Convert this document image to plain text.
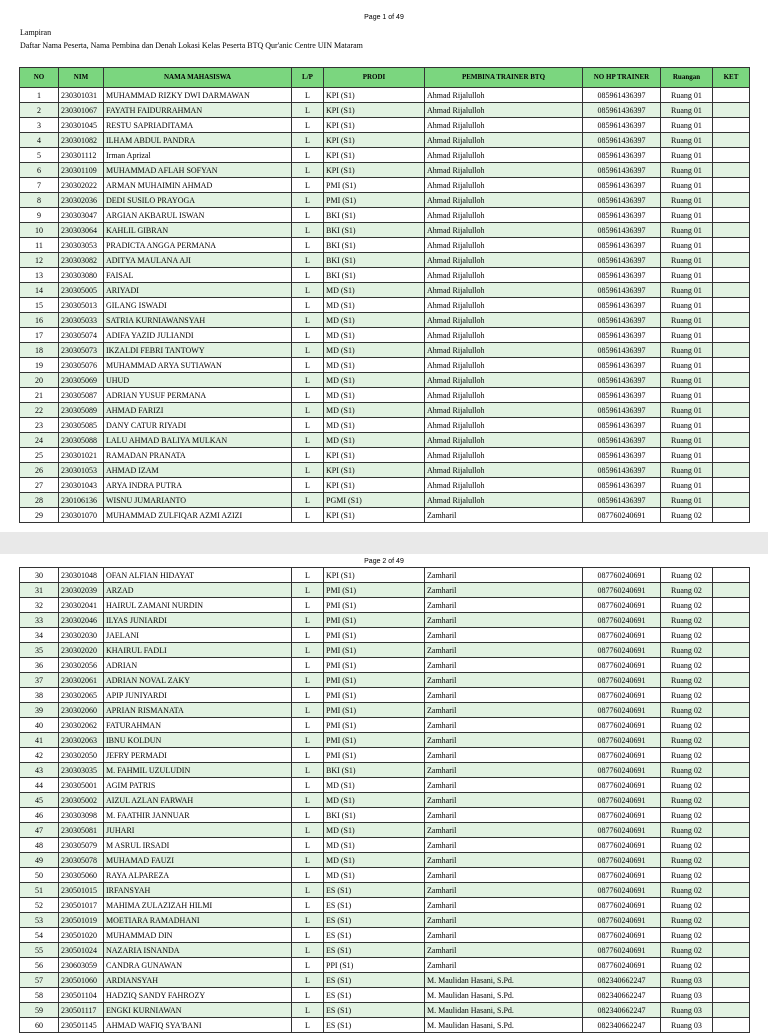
Page 1 of 49
Lampiran
Daftar Nama Peserta, Nama Pembina dan Denah Lokasi Kelas Peserta BTQ Qur'anic Centre UIN Mataram
NO	NIM	NAMA MAHASISWA	L/P	PRODI	PEMBINA TRAINER BTQ	NO HP TRAINER	Ruangan	KET
1	230301031	MUHAMMAD RIZKY DWI DARMAWAN	L	KPI (S1)	Ahmad Rijalulloh	085961436397	Ruang 01	
2	230301067	FAYATH FAIDURRAHMAN	L	KPI (S1)	Ahmad Rijalulloh	085961436397	Ruang 01	
3	230301045	RESTU SAPRIADITAMA	L	KPI (S1)	Ahmad Rijalulloh	085961436397	Ruang 01	
4	230301082	ILHAM ABDUL PANDRA	L	KPI (S1)	Ahmad Rijalulloh	085961436397	Ruang 01	
5	230301112	Irman Aprizal	L	KPI (S1)	Ahmad Rijalulloh	085961436397	Ruang 01	
6	230301109	MUHAMMAD AFLAH SOFYAN	L	KPI (S1)	Ahmad Rijalulloh	085961436397	Ruang 01	
7	230302022	ARMAN MUHAIMIN AHMAD	L	PMI (S1)	Ahmad Rijalulloh	085961436397	Ruang 01	
8	230302036	DEDI SUSILO PRAYOGA	L	PMI (S1)	Ahmad Rijalulloh	085961436397	Ruang 01	
9	230303047	ARGIAN AKBARUL ISWAN	L	BKI (S1)	Ahmad Rijalulloh	085961436397	Ruang 01	
10	230303064	KAHLIL GIBRAN	L	BKI (S1)	Ahmad Rijalulloh	085961436397	Ruang 01	
11	230303053	PRADICTA ANGGA PERMANA	L	BKI (S1)	Ahmad Rijalulloh	085961436397	Ruang 01	
12	230303082	ADITYA MAULANA AJI	L	BKI (S1)	Ahmad Rijalulloh	085961436397	Ruang 01	
13	230303080	FAISAL	L	BKI (S1)	Ahmad Rijalulloh	085961436397	Ruang 01	
14	230305005	ARIYADI	L	MD (S1)	Ahmad Rijalulloh	085961436397	Ruang 01	
15	230305013	GILANG ISWADI	L	MD (S1)	Ahmad Rijalulloh	085961436397	Ruang 01	
16	230305033	SATRIA KURNIAWANSYAH	L	MD (S1)	Ahmad Rijalulloh	085961436397	Ruang 01	
17	230305074	ADIFA YAZID JULIANDI	L	MD (S1)	Ahmad Rijalulloh	085961436397	Ruang 01	
18	230305073	IKZALDI FEBRI TANTOWY	L	MD (S1)	Ahmad Rijalulloh	085961436397	Ruang 01	
19	230305076	MUHAMMAD ARYA SUTIAWAN	L	MD (S1)	Ahmad Rijalulloh	085961436397	Ruang 01	
20	230305069	UHUD	L	MD (S1)	Ahmad Rijalulloh	085961436397	Ruang 01	
21	230305087	ADRIAN YUSUF PERMANA	L	MD (S1)	Ahmad Rijalulloh	085961436397	Ruang 01	
22	230305089	AHMAD FARIZI	L	MD (S1)	Ahmad Rijalulloh	085961436397	Ruang 01	
23	230305085	DANY CATUR RIYADI	L	MD (S1)	Ahmad Rijalulloh	085961436397	Ruang 01	
24	230305088	LALU AHMAD BALIYA MULKAN	L	MD (S1)	Ahmad Rijalulloh	085961436397	Ruang 01	
25	230301021	RAMADAN PRANATA	L	KPI (S1)	Ahmad Rijalulloh	085961436397	Ruang 01	
26	230301053	AHMAD IZAM	L	KPI (S1)	Ahmad Rijalulloh	085961436397	Ruang 01	
27	230301043	ARYA INDRA PUTRA	L	KPI (S1)	Ahmad Rijalulloh	085961436397	Ruang 01	
28	230106136	WISNU JUMARIANTO	L	PGMI (S1)	Ahmad Rijalulloh	085961436397	Ruang 01	
29	230301070	MUHAMMAD ZULFIQAR AZMI AZIZI	L	KPI (S1)	Zamharil	087760240691	Ruang 02	
Page 2 of 49
30	230301048	OFAN ALFIAN HIDAYAT	L	KPI (S1)	Zamharil	087760240691	Ruang 02	
31	230302039	ARZAD	L	PMI (S1)	Zamharil	087760240691	Ruang 02	
32	230302041	HAIRUL ZAMANI NURDIN	L	PMI (S1)	Zamharil	087760240691	Ruang 02	
33	230302046	ILYAS JUNIARDI	L	PMI (S1)	Zamharil	087760240691	Ruang 02	
34	230302030	JAELANI	L	PMI (S1)	Zamharil	087760240691	Ruang 02	
35	230302020	KHAIRUL FADLI	L	PMI (S1)	Zamharil	087760240691	Ruang 02	
36	230302056	ADRIAN	L	PMI (S1)	Zamharil	087760240691	Ruang 02	
37	230302061	ADRIAN NOVAL ZAKY	L	PMI (S1)	Zamharil	087760240691	Ruang 02	
38	230302065	APIP JUNIYARDI	L	PMI (S1)	Zamharil	087760240691	Ruang 02	
39	230302060	APRIAN RISMANATA	L	PMI (S1)	Zamharil	087760240691	Ruang 02	
40	230302062	FATURAHMAN	L	PMI (S1)	Zamharil	087760240691	Ruang 02	
41	230302063	IBNU KOLDUN	L	PMI (S1)	Zamharil	087760240691	Ruang 02	
42	230302050	JEFRY PERMADI	L	PMI (S1)	Zamharil	087760240691	Ruang 02	
43	230303035	M. FAHMIL UZULUDIN	L	BKI (S1)	Zamharil	087760240691	Ruang 02	
44	230305001	AGIM PATRIS	L	MD (S1)	Zamharil	087760240691	Ruang 02	
45	230305002	AIZUL AZLAN FARWAH	L	MD (S1)	Zamharil	087760240691	Ruang 02	
46	230303098	M. FAATHIR JANNUAR	L	BKI (S1)	Zamharil	087760240691	Ruang 02	
47	230305081	JUHARI	L	MD (S1)	Zamharil	087760240691	Ruang 02	
48	230305079	M ASRUL IRSADI	L	MD (S1)	Zamharil	087760240691	Ruang 02	
49	230305078	MUHAMAD FAUZI	L	MD (S1)	Zamharil	087760240691	Ruang 02	
50	230305060	RAYA ALPAREZA	L	MD (S1)	Zamharil	087760240691	Ruang 02	
51	230501015	IRFANSYAH	L	ES (S1)	Zamharil	087760240691	Ruang 02	
52	230501017	MAHIMA ZULAZIZAH HILMI	L	ES (S1)	Zamharil	087760240691	Ruang 02	
53	230501019	MOETIARA RAMADHANI	L	ES (S1)	Zamharil	087760240691	Ruang 02	
54	230501020	MUHAMMAD DIN	L	ES (S1)	Zamharil	087760240691	Ruang 02	
55	230501024	NAZARIA ISNANDA	L	ES (S1)	Zamharil	087760240691	Ruang 02	
56	230603059	CANDRA GUNAWAN	L	PPI (S1)	Zamharil	087760240691	Ruang 02	
57	230501060	ARDIANSYAH	L	ES (S1)	M. Maulidan Hasani, S.Pd.	082340662247	Ruang 03	
58	230501104	HADZIQ SANDY FAHROZY	L	ES (S1)	M. Maulidan Hasani, S.Pd.	082340662247	Ruang 03	
59	230501117	ENGKI KURNIAWAN	L	ES (S1)	M. Maulidan Hasani, S.Pd.	082340662247	Ruang 03	
60	230501145	AHMAD WAFIQ SYA'BANI	L	ES (S1)	M. Maulidan Hasani, S.Pd.	082340662247	Ruang 03	
